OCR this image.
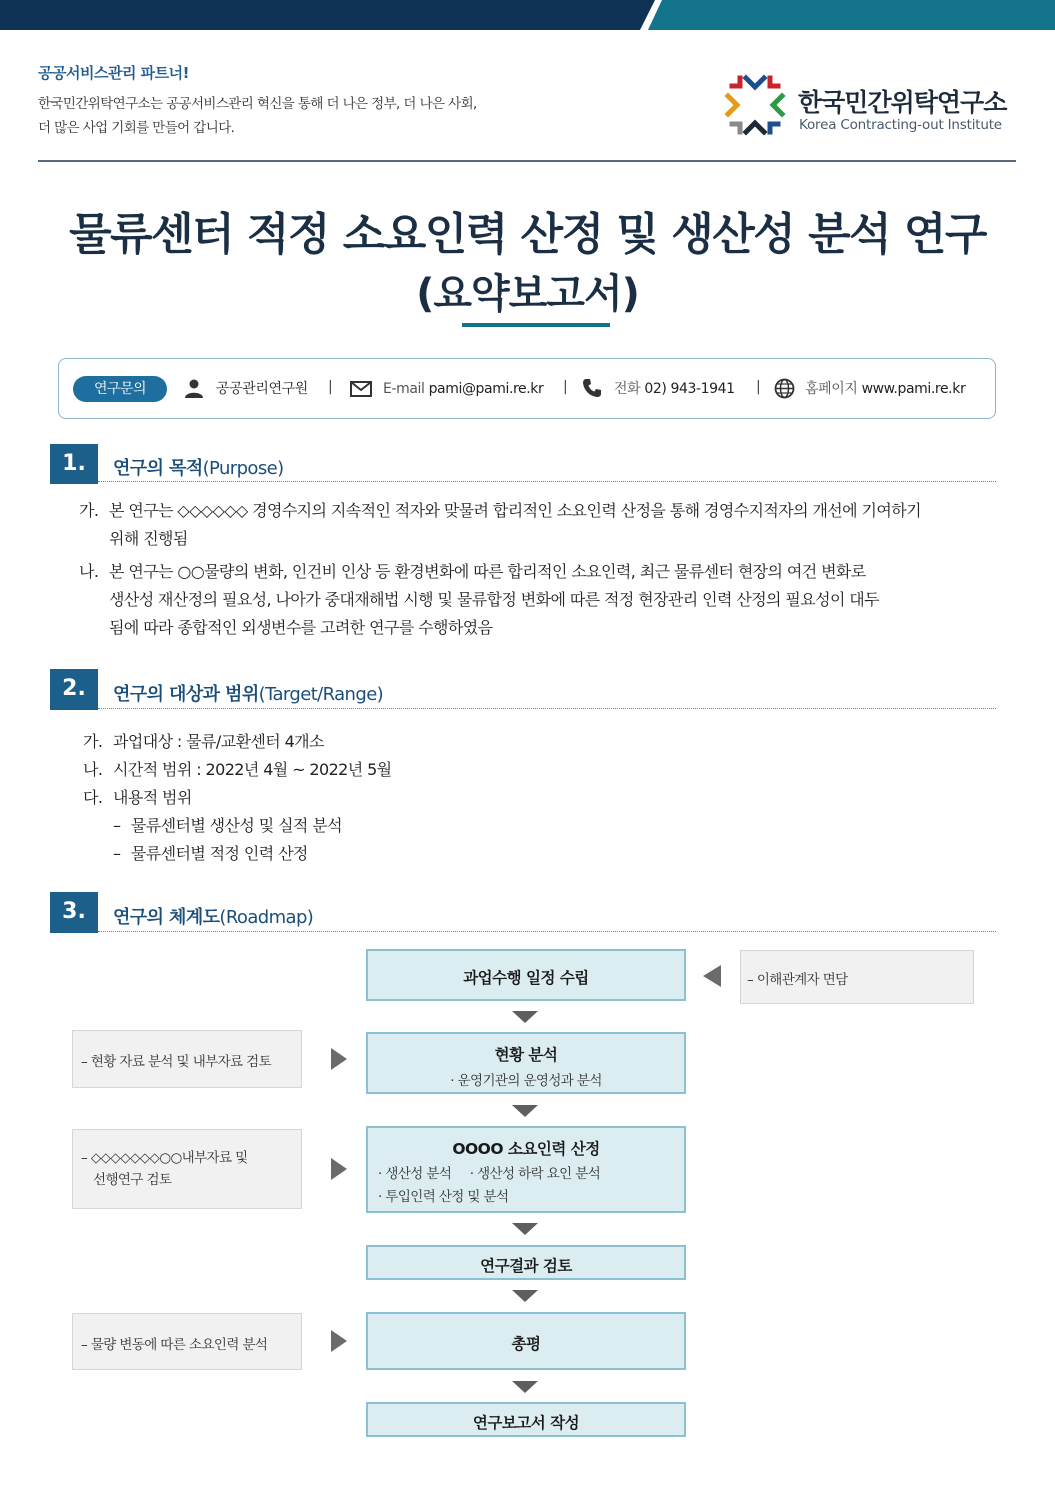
공공서비스관리 파트너!
한국민간위탁연구소는 공공서비스관리 혁신을 통해 더 나은 정부, 더 나은 사회,
더 많은 사업 기회를 만들어 갑니다.
한국민간위탁연구소
Korea Contracting-out Institute
물류센터 적정 소요인력 산정 및 생산성 분석 연구
(요약보고서)
연구문의	공공관리연구원 |	E-mail pami@pami.re.kr |	전화 02) 943-1941 |	홈페이지 www.pami.re.kr
1.	연구의 목적(Purpose)
가. 본 연구는 ◇◇◇◇◇◇ 경영수지의 지속적인 적자와 맞물려 합리적인 소요인력 산정을 통해 경영수지적자의 개선에 기여하기
위해 진행됨
나. 본 연구는 ○○물량의 변화, 인건비 인상 등 환경변화에 따른 합리적인 소요인력, 최근 물류센터 현장의 여건 변화로
생산성 재산정의 필요성, 나아가 중대재해법 시행 및 물류합정 변화에 따른 적정 현장관리 인력 산정의 필요성이 대두
됨에 따라 종합적인 외생변수를 고려한 연구를 수행하였음
2.	연구의 대상과 범위(Target/Range)
가. 과업대상 : 물류/교환센터 4개소
나. 시간적 범위 : 2022년 4월 ~ 2022년 5월
다. 내용적 범위
– 물류센터별 생산성 및 실적 분석
– 물류센터별 적정 인력 산정
3.	연구의 체계도(Roadmap)
과업수행 일정 수립
현황 분석
· 운영기관의 운영성과 분석
OOOO 소요인력 산정
· 생산성 분석     · 생산성 하락 요인 분석
· 투입인력 산정 및 분석
연구결과 검토
총평
연구보고서 작성
– 이해관계자 면담
– 현황 자료 분석 및 내부자료 검토
– ◇◇◇◇◇◇◇○○내부자료 및
선행연구 검토
– 물량 변동에 따른 소요인력 분석
